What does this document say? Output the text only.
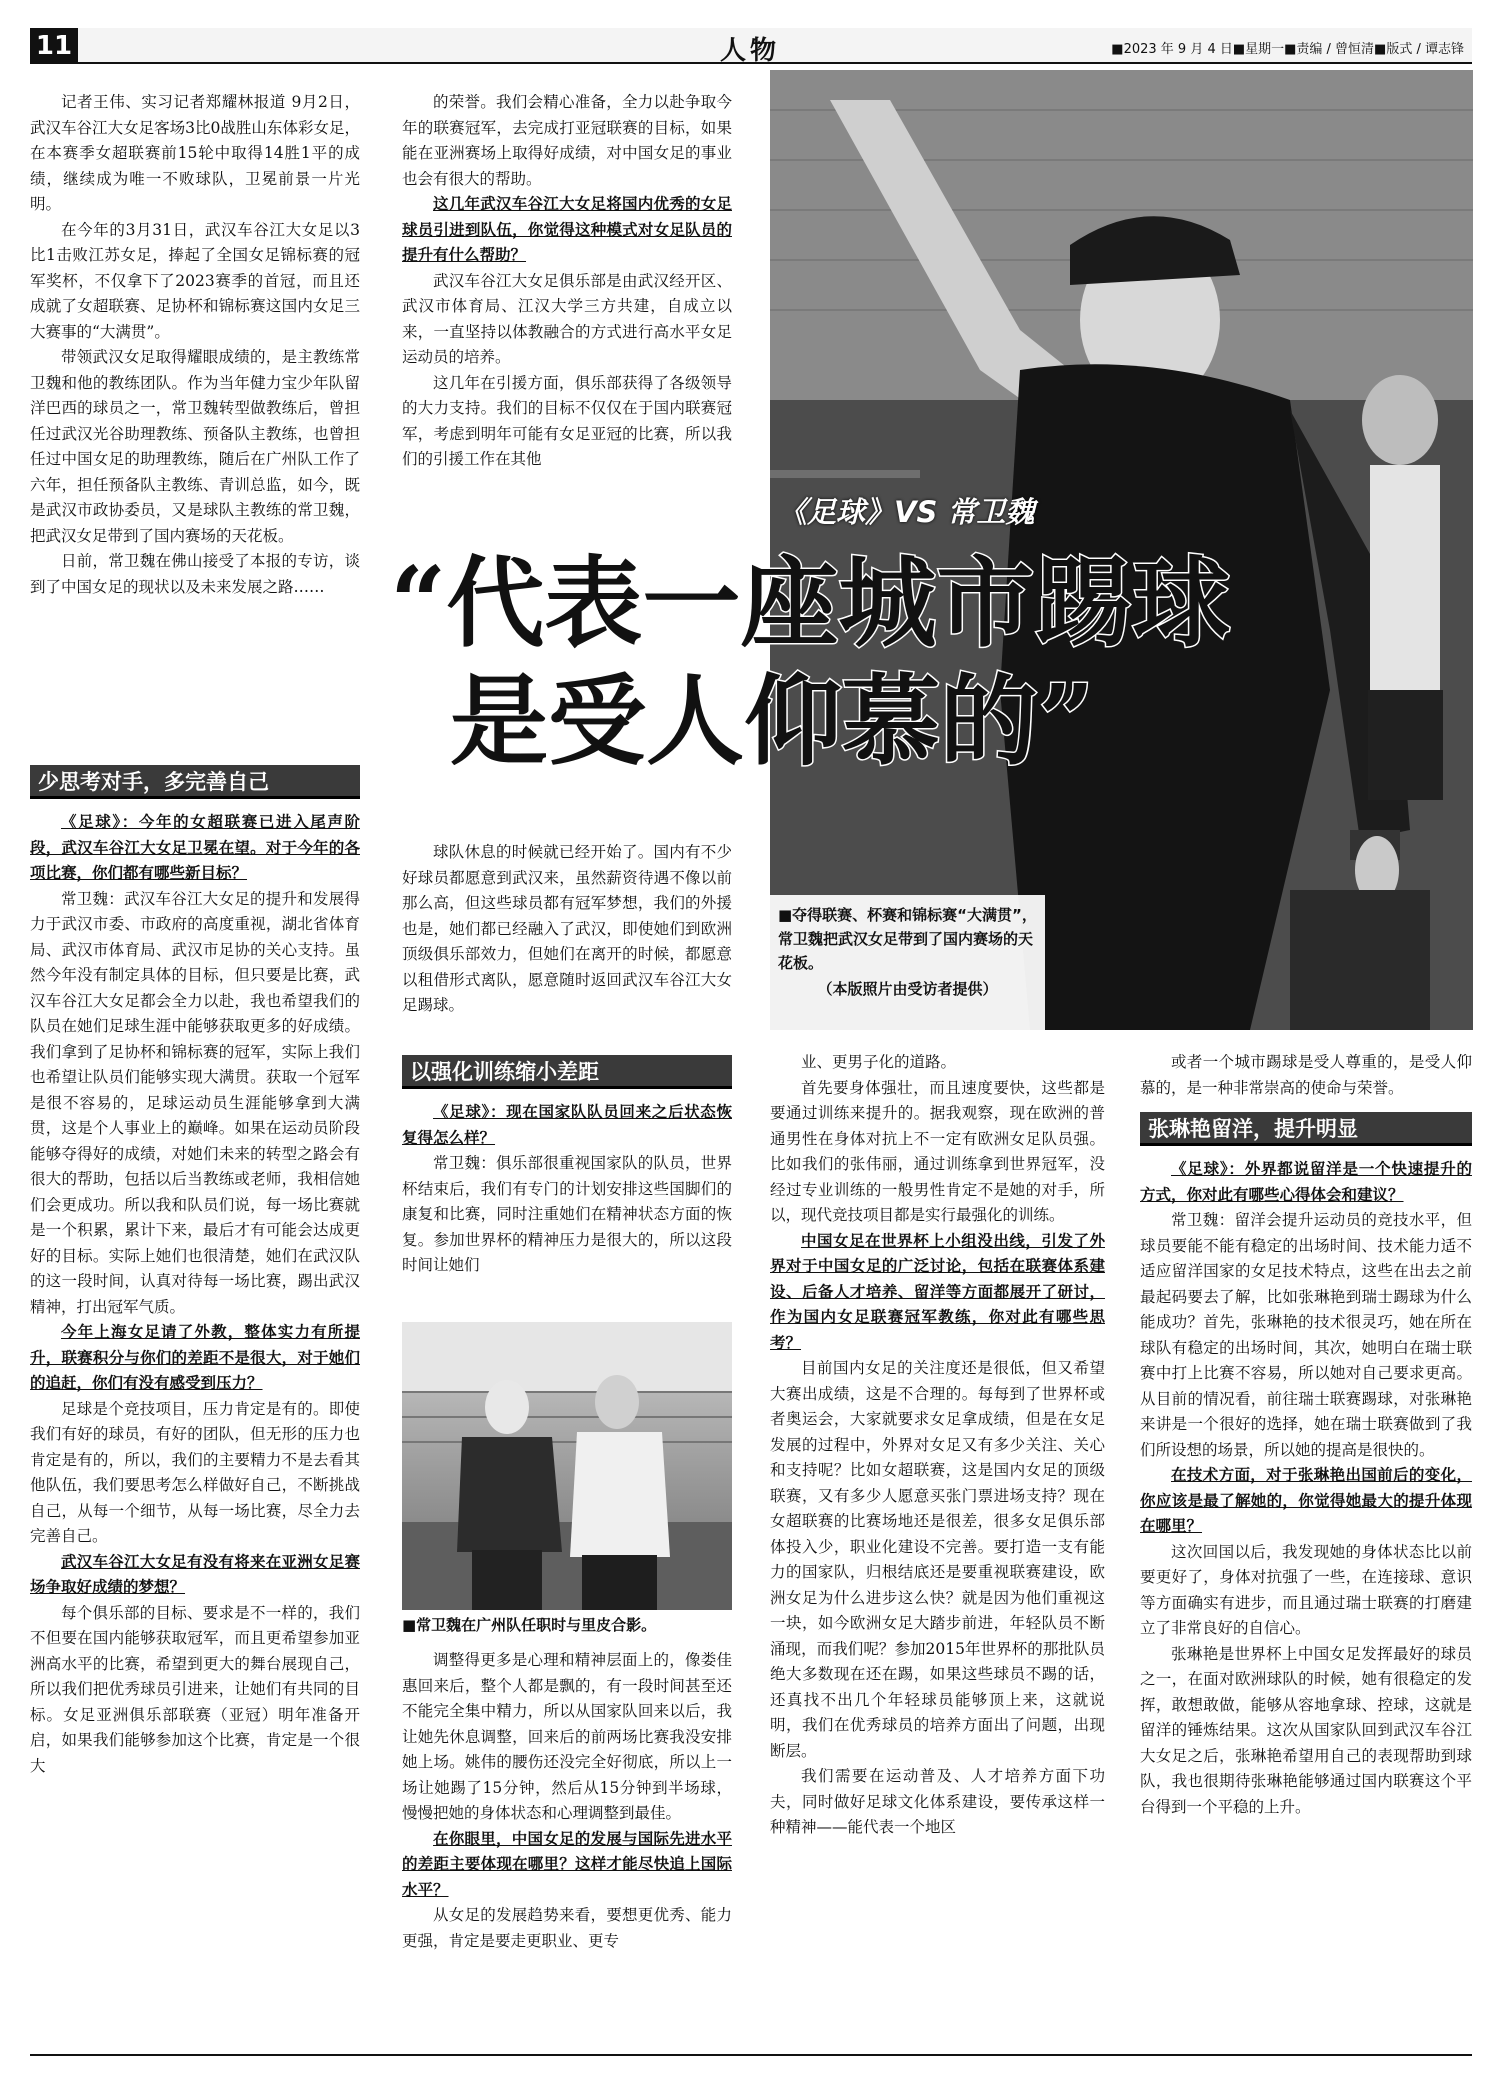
11	人物	■2023 年 9 月 4 日■星期一■责编 / 曾恒清■版式 / 谭志锋
《足球》VS 常卫魏
“代表一座城市踢球
是受人仰慕的”
■夺得联赛、杯赛和锦标赛“大满贯”，常卫魏把武汉女足带到了国内赛场的天花板。
（本版照片由受访者提供）

记者王伟、实习记者郑耀林报道 9月2日，武汉车谷江大女足客场3比0战胜山东体彩女足，在本赛季女超联赛前15轮中取得14胜1平的成绩，继续成为唯一不败球队，卫冕前景一片光明。

在今年的3月31日，武汉车谷江大女足以3比1击败江苏女足，捧起了全国女足锦标赛的冠军奖杯，不仅拿下了2023赛季的首冠，而且还成就了女超联赛、足协杯和锦标赛这国内女足三大赛事的“大满贯”。

带领武汉女足取得耀眼成绩的，是主教练常卫魏和他的教练团队。作为当年健力宝少年队留洋巴西的球员之一，常卫魏转型做教练后，曾担任过武汉光谷助理教练、预备队主教练，也曾担任过中国女足的助理教练，随后在广州队工作了六年，担任预备队主教练、青训总监，如今，既是武汉市政协委员，又是球队主教练的常卫魏，把武汉女足带到了国内赛场的天花板。

日前，常卫魏在佛山接受了本报的专访，谈到了中国女足的现状以及未来发展之路……

少思考对手，多完善自己

《足球》：今年的女超联赛已进入尾声阶段，武汉车谷江大女足卫冕在望。对于今年的各项比赛，你们都有哪些新目标？

常卫魏：武汉车谷江大女足的提升和发展得力于武汉市委、市政府的高度重视，湖北省体育局、武汉市体育局、武汉市足协的关心支持。虽然今年没有制定具体的目标，但只要是比赛，武汉车谷江大女足都会全力以赴，我也希望我们的队员在她们足球生涯中能够获取更多的好成绩。我们拿到了足协杯和锦标赛的冠军，实际上我们也希望让队员们能够实现大满贯。获取一个冠军是很不容易的，足球运动员生涯能够拿到大满贯，这是个人事业上的巅峰。如果在运动员阶段能够夺得好的成绩，对她们未来的转型之路会有很大的帮助，包括以后当教练或老师，我相信她们会更成功。所以我和队员们说，每一场比赛就是一个积累，累计下来，最后才有可能会达成更好的目标。实际上她们也很清楚，她们在武汉队的这一段时间，认真对待每一场比赛，踢出武汉精神，打出冠军气质。

今年上海女足请了外教，整体实力有所提升，联赛积分与你们的差距不是很大，对于她们的追赶，你们有没有感受到压力？

足球是个竞技项目，压力肯定是有的。即使我们有好的球员，有好的团队，但无形的压力也肯定是有的，所以，我们的主要精力不是去看其他队伍，我们要思考怎么样做好自己，不断挑战自己，从每一个细节，从每一场比赛，尽全力去完善自己。

武汉车谷江大女足有没有将来在亚洲女足赛场争取好成绩的梦想？

每个俱乐部的目标、要求是不一样的，我们不但要在国内能够获取冠军，而且更希望参加亚洲高水平的比赛，希望到更大的舞台展现自己，所以我们把优秀球员引进来，让她们有共同的目标。女足亚洲俱乐部联赛（亚冠）明年准备开启，如果我们能够参加这个比赛，肯定是一个很大

的荣誉。我们会精心准备，全力以赴争取今年的联赛冠军，去完成打亚冠联赛的目标，如果能在亚洲赛场上取得好成绩，对中国女足的事业也会有很大的帮助。

这几年武汉车谷江大女足将国内优秀的女足球员引进到队伍，你觉得这种模式对女足队员的提升有什么帮助？

武汉车谷江大女足俱乐部是由武汉经开区、武汉市体育局、江汉大学三方共建，自成立以来，一直坚持以体教融合的方式进行高水平女足运动员的培养。

这几年在引援方面，俱乐部获得了各级领导的大力支持。我们的目标不仅仅在于国内联赛冠军，考虑到明年可能有女足亚冠的比赛，所以我们的引援工作在其他

球队休息的时候就已经开始了。国内有不少好球员都愿意到武汉来，虽然薪资待遇不像以前那么高，但这些球员都有冠军梦想，我们的外援也是，她们都已经融入了武汉，即使她们到欧洲顶级俱乐部效力，但她们在离开的时候，都愿意以租借形式离队，愿意随时返回武汉车谷江大女足踢球。

以强化训练缩小差距

《足球》：现在国家队队员回来之后状态恢复得怎么样？

常卫魏：俱乐部很重视国家队的队员，世界杯结束后，我们有专门的计划安排这些国脚们的康复和比赛，同时注重她们在精神状态方面的恢复。参加世界杯的精神压力是很大的，所以这段时间让她们

■常卫魏在广州队任职时与里皮合影。

调整得更多是心理和精神层面上的，像娄佳惠回来后，整个人都是飘的，有一段时间甚至还不能完全集中精力，所以从国家队回来以后，我让她先休息调整，回来后的前两场比赛我没安排她上场。姚伟的腰伤还没完全好彻底，所以上一场让她踢了15分钟，然后从15分钟到半场球，慢慢把她的身体状态和心理调整到最佳。

在你眼里，中国女足的发展与国际先进水平的差距主要体现在哪里？这样才能尽快追上国际水平？

从女足的发展趋势来看，要想更优秀、能力更强，肯定是要走更职业、更专

业、更男子化的道路。

首先要身体强壮，而且速度要快，这些都是要通过训练来提升的。据我观察，现在欧洲的普通男性在身体对抗上不一定有欧洲女足队员强。比如我们的张伟丽，通过训练拿到世界冠军，没经过专业训练的一般男性肯定不是她的对手，所以，现代竞技项目都是实行最强化的训练。

中国女足在世界杯上小组没出线，引发了外界对于中国女足的广泛讨论，包括在联赛体系建设、后备人才培养、留洋等方面都展开了研讨，作为国内女足联赛冠军教练，你对此有哪些思考？

目前国内女足的关注度还是很低，但又希望大赛出成绩，这是不合理的。每每到了世界杯或者奥运会，大家就要求女足拿成绩，但是在女足发展的过程中，外界对女足又有多少关注、关心和支持呢？比如女超联赛，这是国内女足的顶级联赛，又有多少人愿意买张门票进场支持？现在女超联赛的比赛场地还是很差，很多女足俱乐部体投入少，职业化建设不完善。要打造一支有能力的国家队，归根结底还是要重视联赛建设，欧洲女足为什么进步这么快？就是因为他们重视这一块，如今欧洲女足大踏步前进，年轻队员不断涌现，而我们呢？参加2015年世界杯的那批队员绝大多数现在还在踢，如果这些球员不踢的话，还真找不出几个年轻球员能够顶上来，这就说明，我们在优秀球员的培养方面出了问题，出现断层。

我们需要在运动普及、人才培养方面下功夫，同时做好足球文化体系建设，要传承这样一种精神——能代表一个地区

或者一个城市踢球是受人尊重的，是受人仰慕的，是一种非常崇高的使命与荣誉。

张琳艳留洋，提升明显

《足球》：外界都说留洋是一个快速提升的方式，你对此有哪些心得体会和建议？

常卫魏：留洋会提升运动员的竞技水平，但球员要能不能有稳定的出场时间、技术能力适不适应留洋国家的女足技术特点，这些在出去之前最起码要去了解，比如张琳艳到瑞士踢球为什么能成功？首先，张琳艳的技术很灵巧，她在所在球队有稳定的出场时间，其次，她明白在瑞士联赛中打上比赛不容易，所以她对自己要求更高。从目前的情况看，前往瑞士联赛踢球，对张琳艳来讲是一个很好的选择，她在瑞士联赛做到了我们所设想的场景，所以她的提高是很快的。

在技术方面，对于张琳艳出国前后的变化，你应该是最了解她的，你觉得她最大的提升体现在哪里？

这次回国以后，我发现她的身体状态比以前要更好了，身体对抗强了一些，在连接球、意识等方面确实有进步，而且通过瑞士联赛的打磨建立了非常良好的自信心。

张琳艳是世界杯上中国女足发挥最好的球员之一，在面对欧洲球队的时候，她有很稳定的发挥，敢想敢做，能够从容地拿球、控球，这就是留洋的锤炼结果。这次从国家队回到武汉车谷江大女足之后，张琳艳希望用自己的表现帮助到球队，我也很期待张琳艳能够通过国内联赛这个平台得到一个平稳的上升。
